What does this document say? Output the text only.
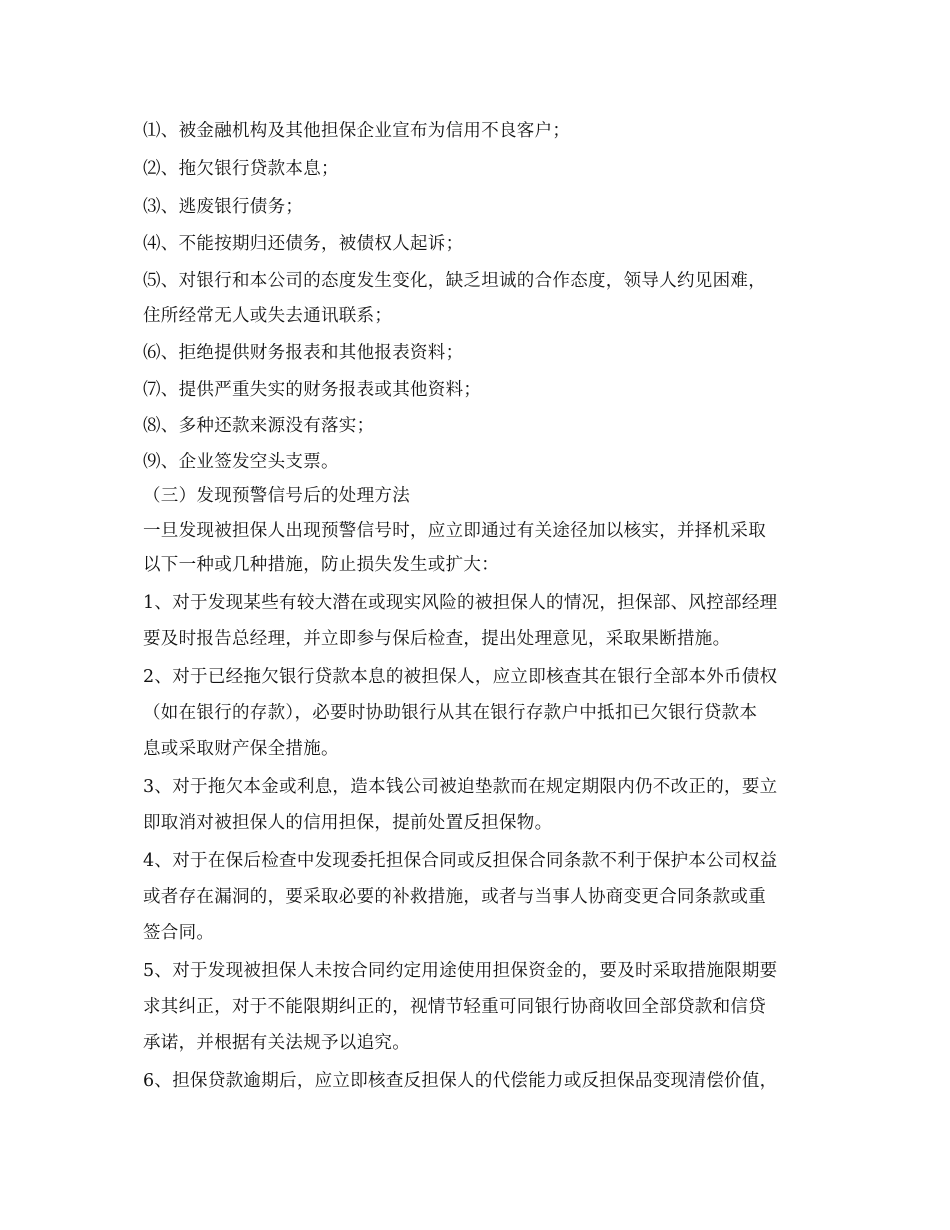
⑴、被金融机构及其他担保企业宣布为信用不良客户；
⑵、拖欠银行贷款本息；
⑶、逃废银行债务；
⑷、不能按期归还债务，被债权人起诉；
⑸、对银行和本公司的态度发生变化，缺乏坦诚的合作态度，领导人约见困难，
住所经常无人或失去通讯联系；
⑹、拒绝提供财务报表和其他报表资料；
⑺、提供严重失实的财务报表或其他资料；
⑻、多种还款来源没有落实；
⑼、企业签发空头支票。
（三）发现预警信号后的处理方法
一旦发现被担保人出现预警信号时，应立即通过有关途径加以核实，并择机采取
以下一种或几种措施，防止损失发生或扩大：
1、对于发现某些有较大潜在或现实风险的被担保人的情况，担保部、风控部经理
要及时报告总经理，并立即参与保后检查，提出处理意见，采取果断措施。
2、对于已经拖欠银行贷款本息的被担保人，应立即核查其在银行全部本外币债权
（如在银行的存款），必要时协助银行从其在银行存款户中抵扣已欠银行贷款本
息或采取财产保全措施。
3、对于拖欠本金或利息，造本钱公司被迫垫款而在规定期限内仍不改正的，要立
即取消对被担保人的信用担保，提前处置反担保物。
4、对于在保后检查中发现委托担保合同或反担保合同条款不利于保护本公司权益
或者存在漏洞的，要采取必要的补救措施，或者与当事人协商变更合同条款或重
签合同。
5、对于发现被担保人未按合同约定用途使用担保资金的，要及时采取措施限期要
求其纠正，对于不能限期纠正的，视情节轻重可同银行协商收回全部贷款和信贷
承诺，并根据有关法规予以追究。
6、担保贷款逾期后，应立即核查反担保人的代偿能力或反担保品变现清偿价值，
